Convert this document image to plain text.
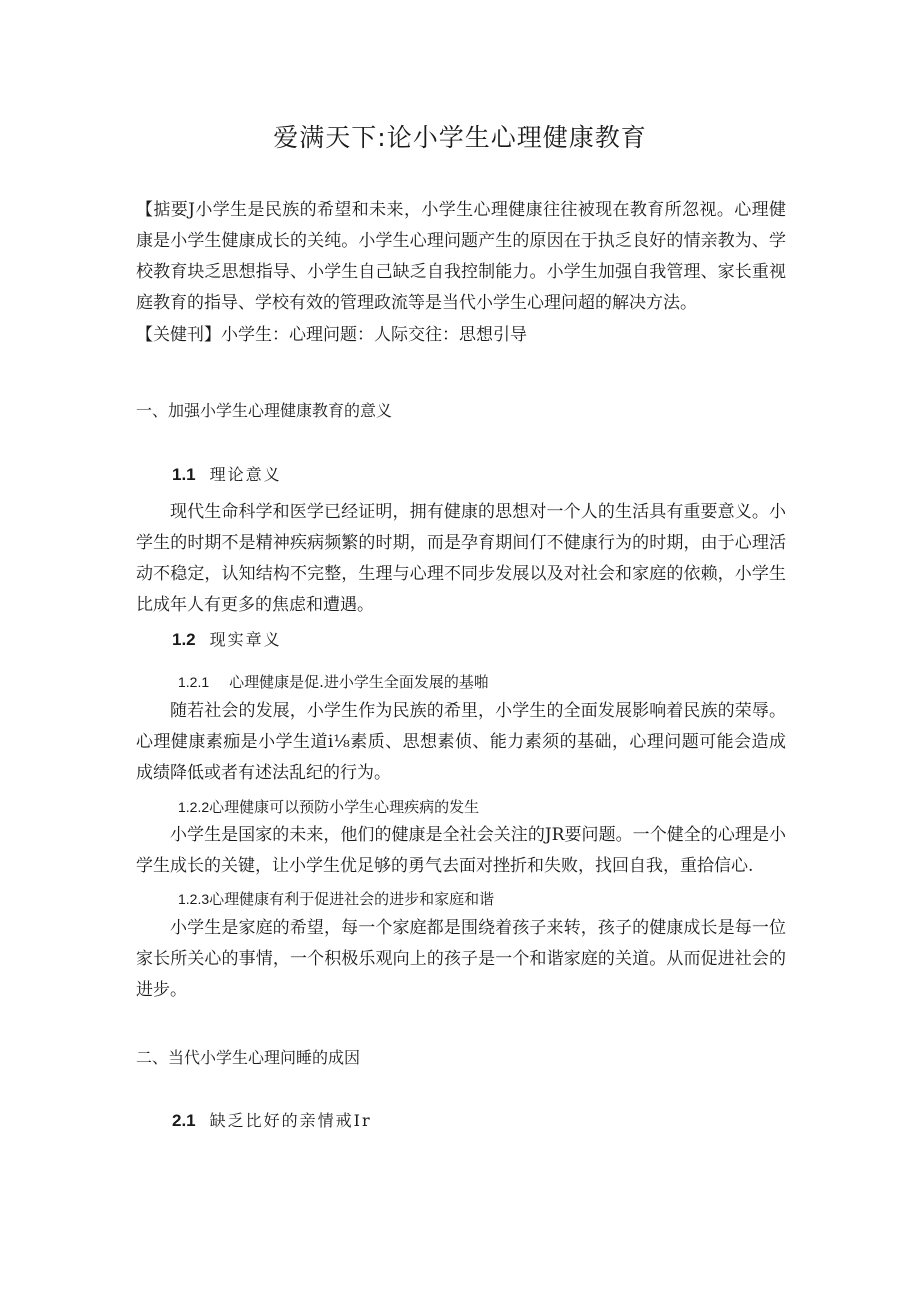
爱满天下:论小学生心理健康教育

【掂要J小学生是民族的希望和未来，小学生心理健康往往被现在教育所忽视。心理健康是小学生健康成长的关纯。小学生心理问题产生的原因在于执乏良好的情亲教为、学校教育块乏思想指导、小学生自己缺乏自我控制能力。小学生加强自我管理、家长重视庭教育的指导、学校有效的管理政流等是当代小学生心理问超的解决方法。

【关健刊】小学生：心理问题：人际交往：思想引导

一、加强小学生心理健康教育的意义

1.1 理论意义

现代生命科学和医学已经证明，拥有健康的思想对一个人的生活具有重要意义。小学生的时期不是精神疾病频繁的时期，而是孕育期间仃不健康行为的时期，由于心理活动不稳定，认知结构不完整，生理与心理不同步发展以及对社会和家庭的依赖，小学生比成年人有更多的焦虑和遭遇。

1.2 现实章义

1.2.1 心理健康是促.进小学生全面发展的基啪

随若社会的发展，小学生作为民族的希里，小学生的全面发展影响着民族的荣辱。心理健康素痂是小学生道i⅛素质、思想素侦、能力素须的基础，心理问题可能会造成成绩降低或者有述法乱纪的行为。

1.2.2心理健康可以预防小学生心理疾病的发生

小学生是国家的未来，他们的健康是全社会关注的JR要问题。一个健全的心理是小学生成长的关键，让小学生优足够的勇气去面对挫折和失败，找回自我，重拾信心.

1.2.3心理健康有利于促进社会的进步和家庭和谐

小学生是家庭的希望，每一个家庭都是围绕着孩子来转，孩子的健康成长是每一位家长所关心的事情，一个积极乐观向上的孩子是一个和谐家庭的关道。从而促进社会的进步。

二、当代小学生心理问睡的成因

2.1 缺乏比好的亲情戒Ir
